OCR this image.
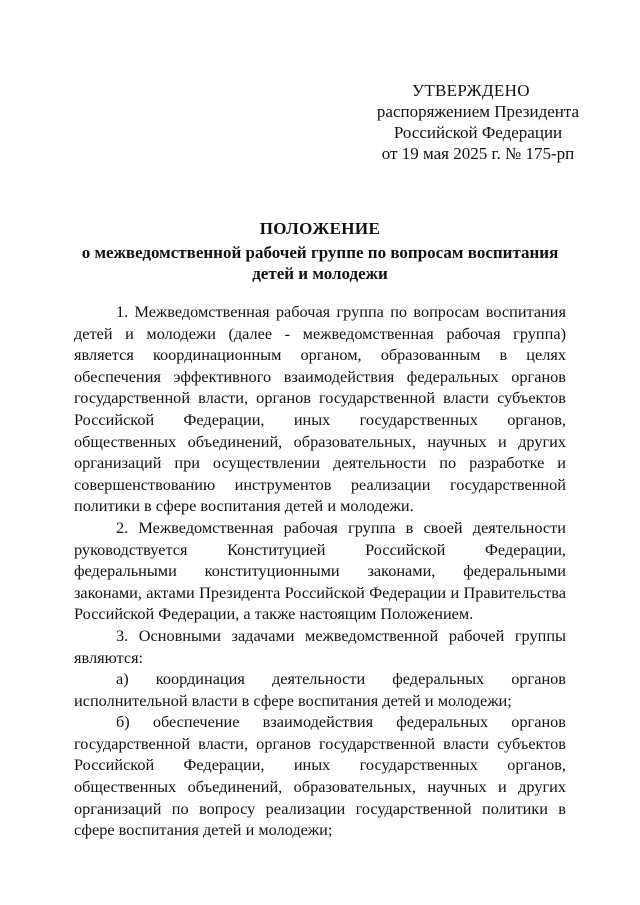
УТВЕРЖДЕНО
распоряжением Президента
Российской Федерации
от 19 мая 2025 г. № 175-рп
ПОЛОЖЕНИЕ
о межведомственной рабочей группе по вопросам воспитания детей и молодежи

1. Межведомственная рабочая группа по вопросам воспитания детей и молодежи (далее - межведомственная рабочая группа) является координационным органом, образованным в целях обеспечения эффективного взаимодействия федеральных органов государственной власти, органов государственной власти субъектов Российской Федерации, иных государственных органов, общественных объединений, образовательных, научных и других организаций при осуществлении деятельности по разработке и совершенствованию инструментов реализации государственной политики в сфере воспитания детей и молодежи.

2. Межведомственная рабочая группа в своей деятельности руководствуется Конституцией Российской Федерации, федеральными конституционными законами, федеральными законами, актами Президента Российской Федерации и Правительства Российской Федерации, а также настоящим Положением.

3. Основными задачами межведомственной рабочей группы являются:

а) координация деятельности федеральных органов исполнительной власти в сфере воспитания детей и молодежи;

б) обеспечение взаимодействия федеральных органов государственной власти, органов государственной власти субъектов Российской Федерации, иных государственных органов, общественных объединений, образовательных, научных и других организаций по вопросу реализации государственной политики в сфере воспитания детей и молодежи;
